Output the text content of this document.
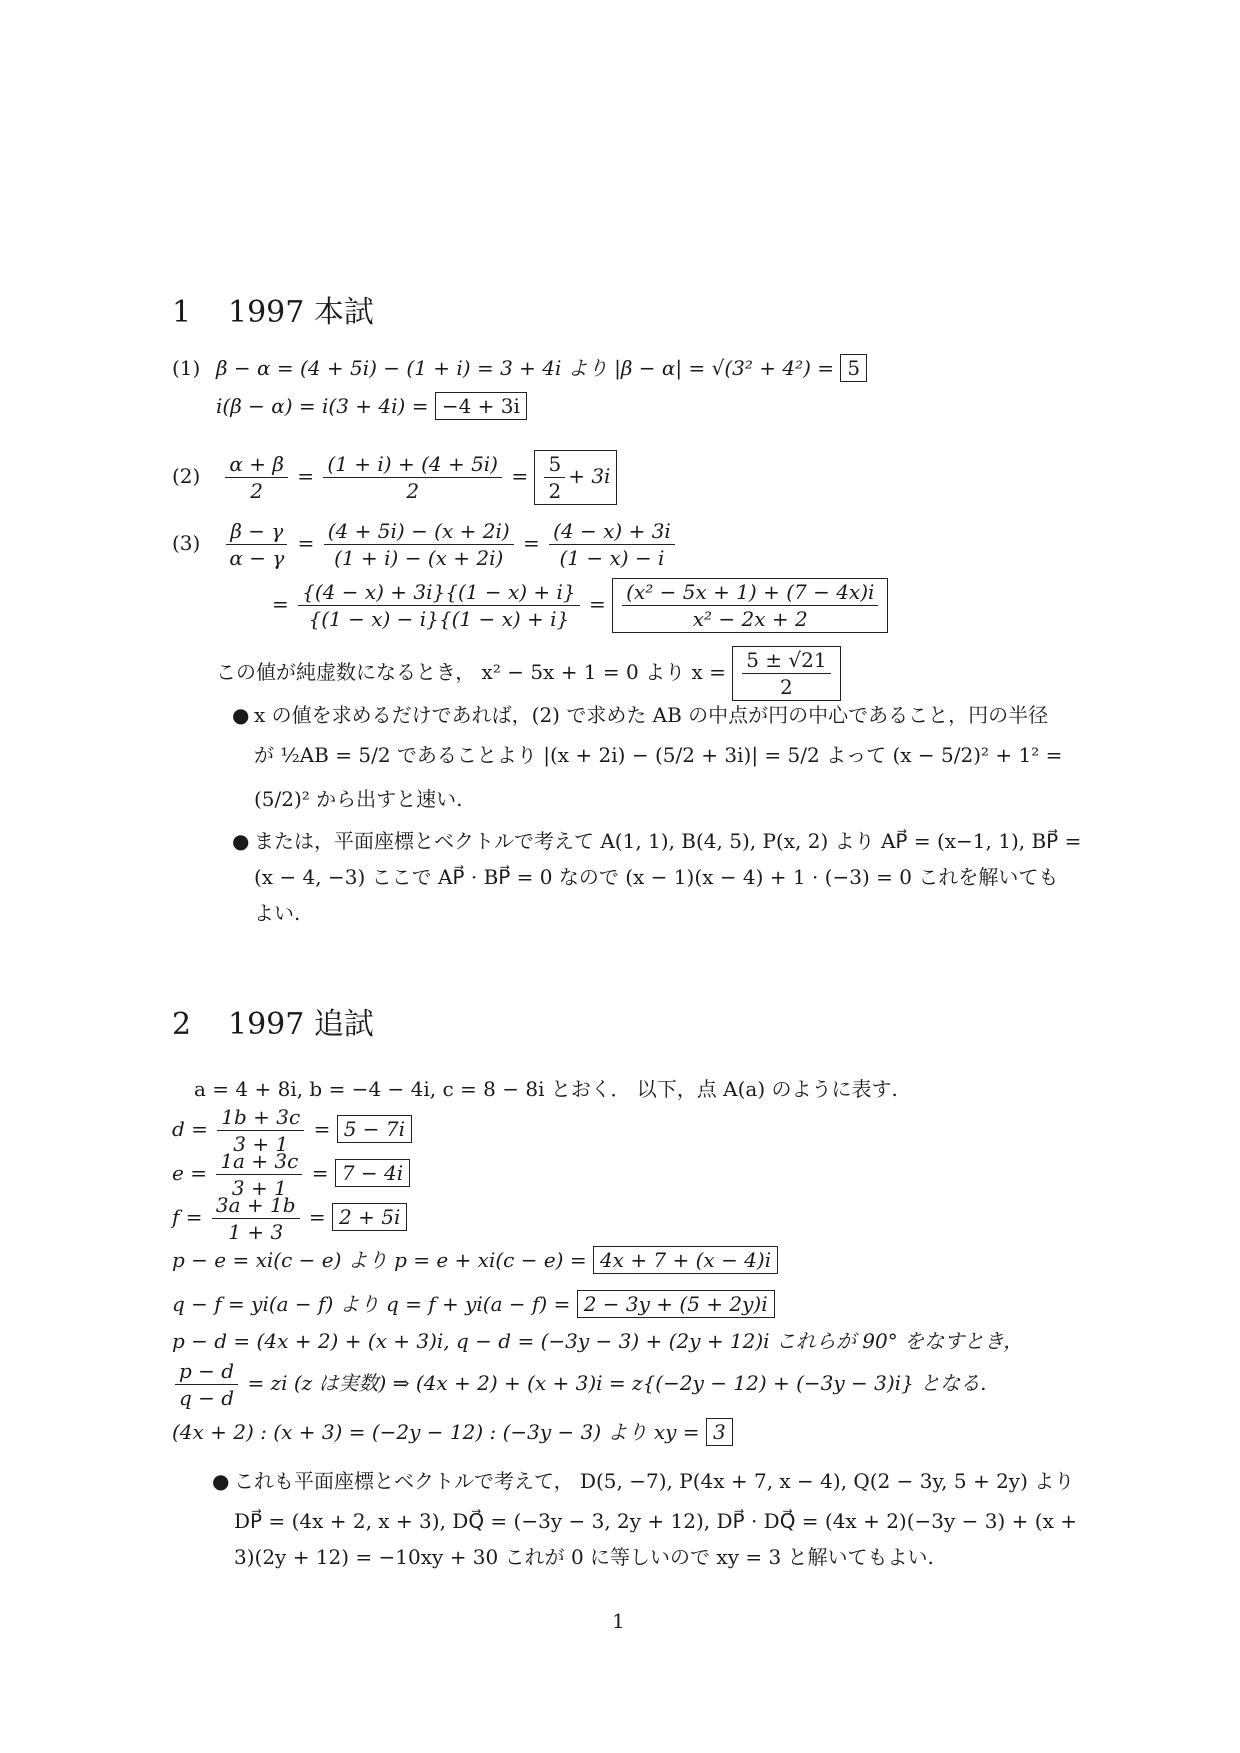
1 1997 本試
(1) β − α = (4 + 5i) − (1 + i) = 3 + 4i より |β − α| = √(3² + 4²) = 5
i(β − α) = i(3 + 4i) = −4 + 3i
$(2) \frac{\alpha + \beta}{2} = \frac{(1 + i) + (4 + 5i)}{2} = \frac{5}{2} + 3i$
$(3) \frac{\beta - \gamma}{\alpha - \gamma} = \frac{(4 + 5i) - (x + 2i)}{(1 + i) - (x + 2i)} = \frac{(4 - x) + 3i}{(1 - x) - i}$
= $\frac{\{(4 - x) + 3i\}\{(1 - x) + i\}}{\{(1 - x) - i\}\{(1 - x) + i\}} = \frac{\text{(x² − 5x + 1) + (7 − 4x)i}}{\text{x² − 2x + 2}}$
この値が純虚数になるとき， x² − 5x + 1 = 0 より $x = \frac{5 \pm √21}{2}$
● x の値を求めるだけであれば，(2) で求めた AB の中点が円の中心であること，円の半径
が ½AB = 5/2 であることより |(x + 2i) − (5/2 + 3i)| = 5/2 よって (x − 5/2)² + 1² =
(5/2)² から出すと速い.
● または，平面座標とベクトルで考えて A(1, 1), B(4, 5), P(x, 2) より AP⃗ = (x−1, 1), BP⃗ =
(x − 4, −3) ここで AP⃗ · BP⃗ = 0 なので (x − 1)(x − 4) + 1 · (−3) = 0 これを解いても
よい.
2 1997 追試
a = 4 + 8i, b = −4 − 4i, c = 8 − 8i とおく． 以下，点 A(a) のように表す.
$d = \frac{1b + 3c}{3 + 1} = 5 - 7i$
$e = \frac{1a + 3c}{3 + 1} = 7 - 4i$
$f = \frac{3a + 1b}{1 + 3} = 2 + 5i$
p − e = xi(c − e) より p = e + xi(c − e) = 4x + 7 + (x − 4)i
q − f = yi(a − f) より q = f + yi(a − f) = 2 − 3y + (5 + 2y)i
p − d = (4x + 2) + (x + 3)i, q − d = (−3y − 3) + (2y + 12)i これらが 90° をなすとき，
$\frac{p - d}{q - d}$ = zi (z は実数) ⇒ (4x + 2) + (x + 3)i = z{(−2y − 12) + (−3y − 3)i} となる.
(4x + 2) : (x + 3) = (−2y − 12) : (−3y − 3) より xy = 3
● これも平面座標とベクトルで考えて， D(5, −7), P(4x + 7, x − 4), Q(2 − 3y, 5 + 2y) より
DP⃗ = (4x + 2, x + 3), DQ⃗ = (−3y − 3, 2y + 12), DP⃗ · DQ⃗ = (4x + 2)(−3y − 3) + (x +
3)(2y + 12) = −10xy + 30 これが 0 に等しいので xy = 3 と解いてもよい.
1
